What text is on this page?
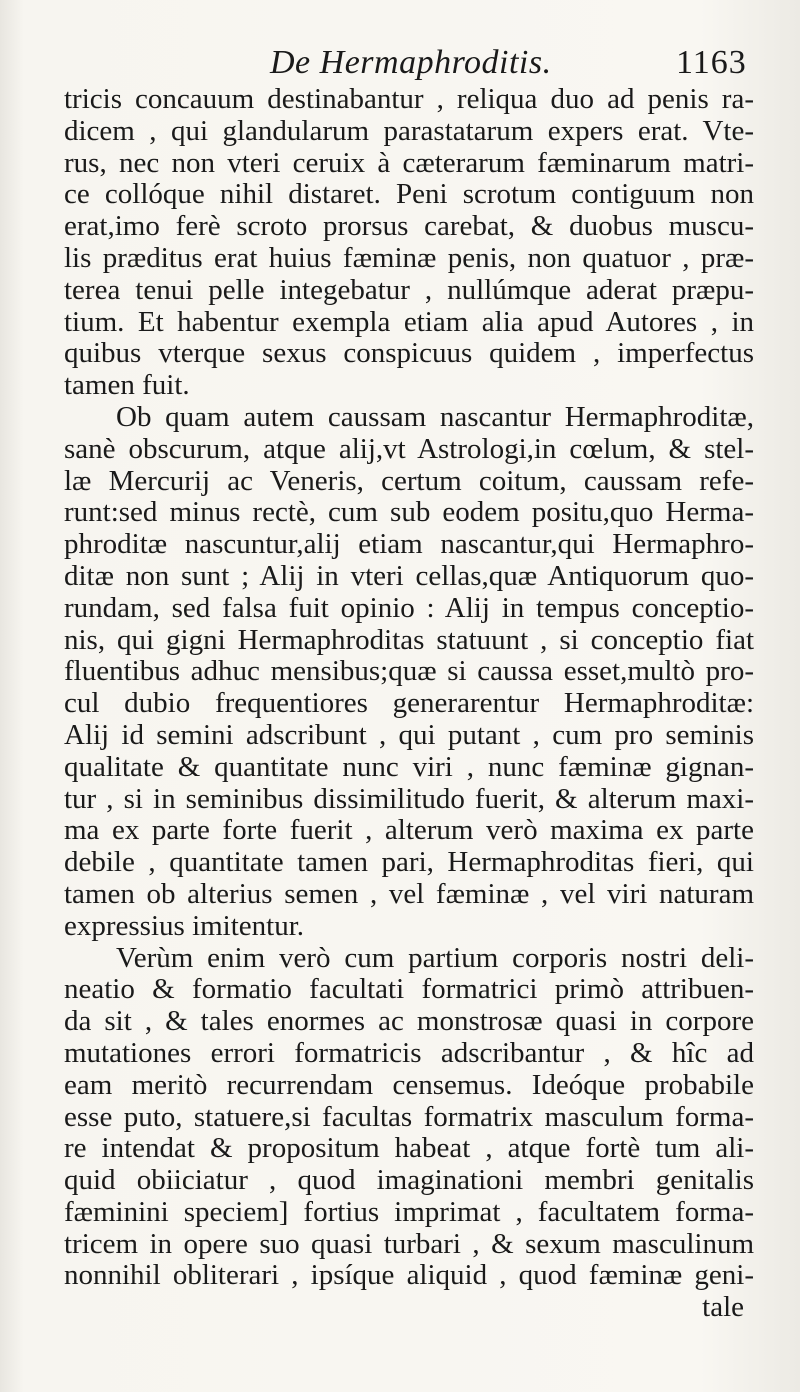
De Hermaphroditis.	1163
tricis concauum destinabantur , reliqua duo ad penis ra-
dicem , qui glandularum parastatarum expers erat. Vte-
rus, nec non vteri ceruix à cæterarum fæminarum matri-
ce collóque nihil distaret. Peni scrotum contiguum non
erat,imo ferè scroto prorsus carebat, & duobus muscu-
lis præditus erat huius fæminæ penis, non quatuor , præ-
terea tenui pelle integebatur , nullúmque aderat præpu-
tium. Et habentur exempla etiam alia apud Autores , in
quibus vterque sexus conspicuus quidem , imperfectus
tamen fuit.
Ob quam autem caussam nascantur Hermaphroditæ,
sanè obscurum, atque alij,vt Astrologi,in cœlum, & stel-
læ Mercurij ac Veneris, certum coitum, caussam refe-
runt:sed minus rectè, cum sub eodem positu,quo Herma-
phroditæ nascuntur,alij etiam nascantur,qui Hermaphro-
ditæ non sunt ; Alij in vteri cellas,quæ Antiquorum quo-
rundam, sed falsa fuit opinio : Alij in tempus conceptio-
nis, qui gigni Hermaphroditas statuunt , si conceptio fiat
fluentibus adhuc mensibus;quæ si caussa esset,multò pro-
cul dubio frequentiores generarentur Hermaphroditæ:
Alij id semini adscribunt , qui putant , cum pro seminis
qualitate & quantitate nunc viri , nunc fæminæ gignan-
tur , si in seminibus dissimilitudo fuerit, & alterum maxi-
ma ex parte forte fuerit , alterum verò maxima ex parte
debile , quantitate tamen pari, Hermaphroditas fieri, qui
tamen ob alterius semen , vel fæminæ , vel viri naturam
expressius imitentur.
Verùm enim verò cum partium corporis nostri deli-
neatio & formatio facultati formatrici primò attribuen-
da sit , & tales enormes ac monstrosæ quasi in corpore
mutationes errori formatricis adscribantur , & hîc ad
eam meritò recurrendam censemus. Ideóque probabile
esse puto, statuere,si facultas formatrix masculum forma-
re intendat & propositum habeat , atque fortè tum ali-
quid obiiciatur , quod imaginationi membri genitalis
fæminini speciem] fortius imprimat , facultatem forma-
tricem in opere suo quasi turbari , & sexum masculinum
nonnihil obliterari , ipsíque aliquid , quod fæminæ geni-
tale
